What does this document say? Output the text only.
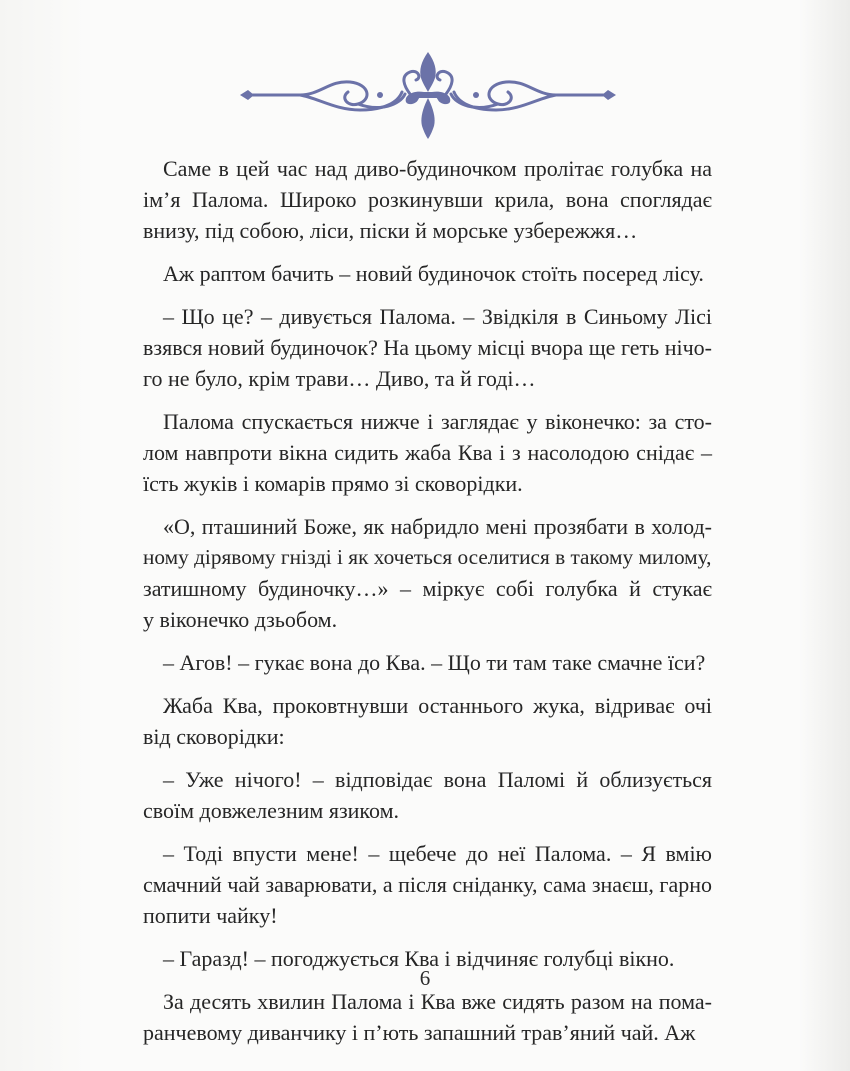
Саме в цей час над диво-будиночком пролітає голубка на
ім’я Палома. Широко розкинувши крила, вона споглядає
внизу, під собою, ліси, піски й морське узбережжя…
Аж раптом бачить – новий будиночок стоїть посеред лісу.
– Що це? – дивується Палома. – Звідкіля в Синьому Лісі
взявся новий будиночок? На цьому місці вчора ще геть нічо-
го не було, крім трави… Диво, та й годі…
Палома спускається нижче і заглядає у віконечко: за сто-
лом навпроти вікна сидить жаба Ква і з насолодою снідає –
їсть жуків і комарів прямо зі сковорідки.
«О, пташиний Боже, як набридло мені прозябати в холод-
ному дірявому гнізді і як хочеться оселитися в такому милому,
затишному будиночку…» – міркує собі голубка й стукає
у віконечко дзьобом.
– Агов! – гукає вона до Ква. – Що ти там таке смачне їси?
Жаба Ква, проковтнувши останнього жука, відриває очі
від сковорідки:
– Уже нічого! – відповідає вона Паломі й облизується
своїм довжелезним язиком.
– Тоді впусти мене! – щебече до неї Палома. – Я вмію
смачний чай заварювати, а після сніданку, сама знаєш, гарно
попити чайку!
– Гаразд! – погоджується Ква і відчиняє голубці вікно.
За десять хвилин Палома і Ква вже сидять разом на пома-
ранчевому диванчику і п’ють запашний трав’яний чай. Аж
6
